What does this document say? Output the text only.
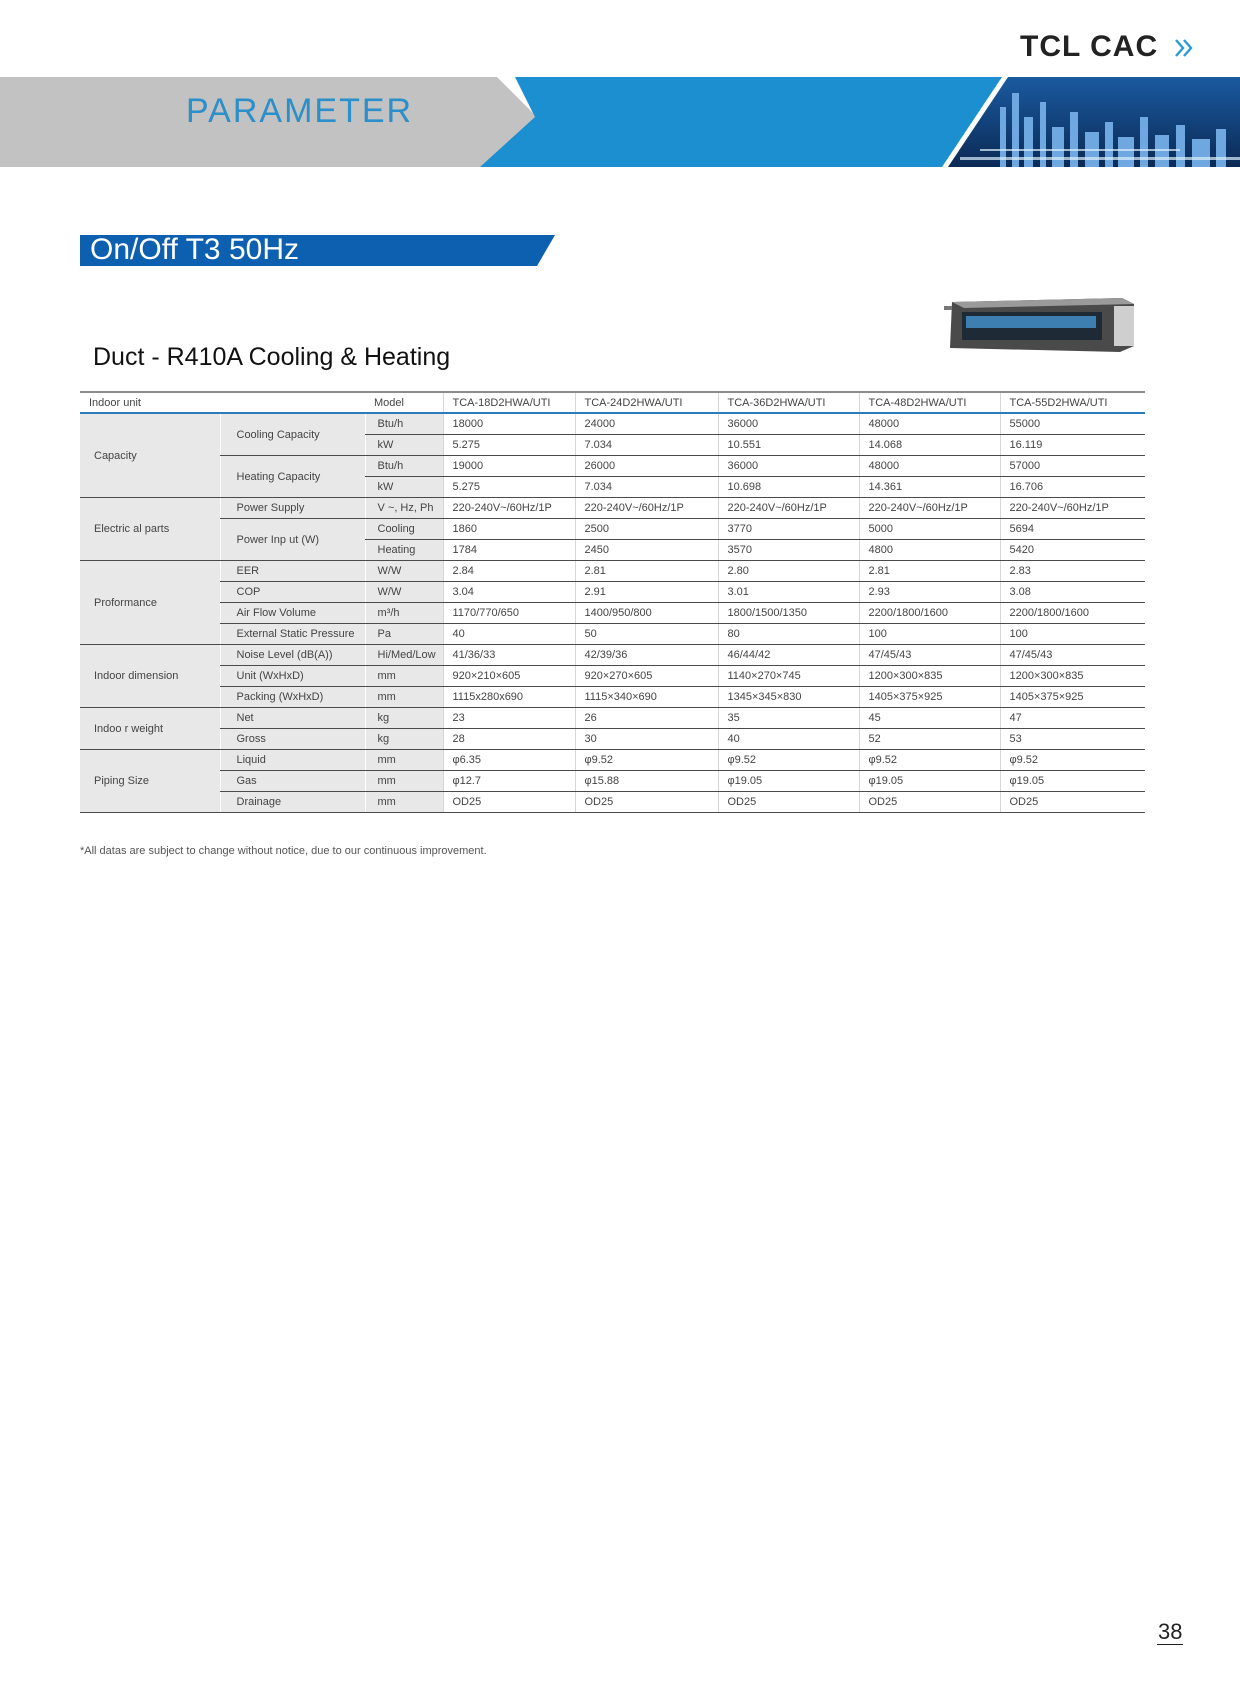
TCL CAC
PARAMETER
On/Off T3 50Hz
Duct - R410A Cooling & Heating
Indoor unit		Model	TCA-18D2HWA/UTI	TCA-24D2HWA/UTI	TCA-36D2HWA/UTI	TCA-48D2HWA/UTI	TCA-55D2HWA/UTI
Capacity	Cooling Capacity	Btu/h	18000	24000	36000	48000	55000
		kW	5.275	7.034	10.551	14.068	16.119
	Heating Capacity	Btu/h	19000	26000	36000	48000	57000
		kW	5.275	7.034	10.698	14.361	16.706
Electric al parts	Power Supply	V ~, Hz, Ph	220-240V~/60Hz/1P	220-240V~/60Hz/1P	220-240V~/60Hz/1P	220-240V~/60Hz/1P	220-240V~/60Hz/1P
	Power Inp ut (W)	Cooling	1860	2500	3770	5000	5694
		Heating	1784	2450	3570	4800	5420
Proformance	EER	W/W	2.84	2.81	2.80	2.81	2.83
	COP	W/W	3.04	2.91	3.01	2.93	3.08
	Air Flow Volume	m³/h	1170/770/650	1400/950/800	1800/1500/1350	2200/1800/1600	2200/1800/1600
	External Static Pressure	Pa	40	50	80	100	100
Indoor dimension	Noise Level (dB(A))	Hi/Med/Low	41/36/33	42/39/36	46/44/42	47/45/43	47/45/43
	Unit (WxHxD)	mm	920×210×605	920×270×605	1140×270×745	1200×300×835	1200×300×835
	Packing (WxHxD)	mm	1115x280x690	1115×340×690	1345×345×830	1405×375×925	1405×375×925
Indoo r weight	Net	kg	23	26	35	45	47
	Gross	kg	28	30	40	52	53
Piping Size	Liquid	mm	φ6.35	φ9.52	φ9.52	φ9.52	φ9.52
	Gas	mm	φ12.7	φ15.88	φ19.05	φ19.05	φ19.05
	Drainage	mm	OD25	OD25	OD25	OD25	OD25
*All datas are subject to change without notice, due to our continuous improvement.
38
